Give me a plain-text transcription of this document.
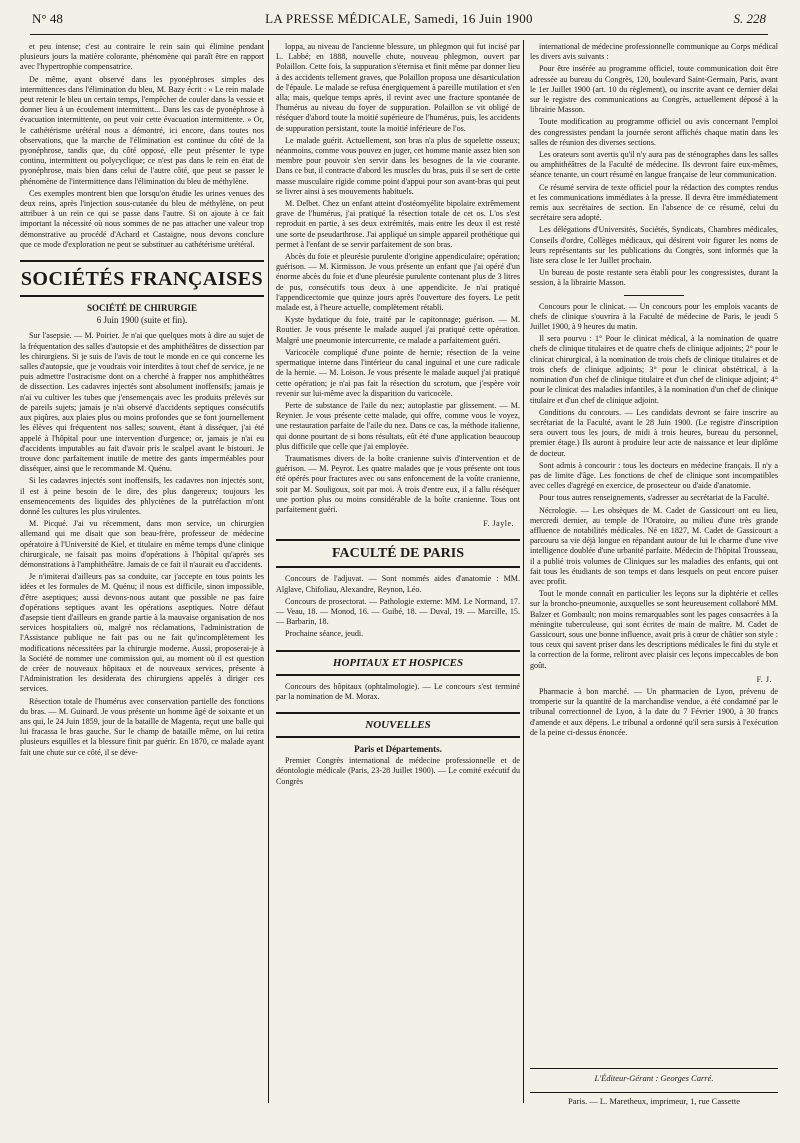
N° 48	LA PRESSE MÉDICALE, Samedi, 16 Juin 1900	S. 228

et peu intense; c'est au contraire le rein sain qui élimine pendant plusieurs jours la matière colorante, phénomène qui paraît être en rapport avec l'hypertrophie compensatrice.

De même, ayant observé dans les pyonéphroses simples des intermittences dans l'élimination du bleu, M. Bazy écrit : « Le rein malade peut retenir le bleu un certain temps, l'empêcher de couler dans la vessie et donner lieu à un écoulement intermittent... Dans les cas de pyonéphrose à évacuation intermittente, on peut voir cette évacuation intermittente. » Or, le cathétérisme urétéral nous a démontré, ici encore, dans toutes nos observations, que la marche de l'élimination est continue du côté de la pyonéphrose, tandis que, du côté opposé, elle peut présenter le type continu, intermittent ou polycyclique; ce n'est pas dans le rein en état de pyonéphrose, mais bien dans celui de l'autre côté, que peut se passer le phénomène de l'intermittence dans l'élimination du bleu de méthylène.

Ces exemples montrent bien que lorsqu'on étudie les urines venues des deux reins, après l'injection sous-cutanée du bleu de méthylène, on peut attribuer à un rein ce qui se passe dans l'autre. Si on ajoute à ce fait important la nécessité où nous sommes de ne pas attacher une valeur trop démonstrative au procédé d'Achard et Castaigne, nous devons conclure que ce mode d'exploration ne peut se substituer au cathétérisme urétéral.

SOCIÉTÉS FRANÇAISES
SOCIÉTÉ DE CHIRURGIE
6 Juin 1900 (suite et fin).

Sur l'asepsie. — M. Poirier. Je n'ai que quelques mots à dire au sujet de la fréquentation des salles d'autopsie et des amphithéâtres de dissection par les chirurgiens. Si je suis de l'avis de tout le monde en ce qui concerne les salles d'autopsie, que je voudrais voir interdites à tout chef de service, je ne puis admettre l'ostracisme dont on a cherché à frapper nos amphithéâtres de dissection. Les cadavres injectés sont absolument inoffensifs; jamais je n'ai vu cultiver les tubes que j'ensemençais avec les produits prélevés sur de pareils sujets; jamais je n'ai observé d'accidents septiques consécutifs aux piqûres, aux plaies plus ou moins profondes que se font journellement les élèves qui fréquentent nos salles; souvent, étant à disséquer, j'ai été appelé à l'hôpital pour une intervention d'urgence; or, jamais je n'ai eu d'accidents imputables au fait d'avoir pris le scalpel avant le bistouri. Je trouve donc parfaitement inutile de mettre des gants imperméables pour disséquer, ainsi que le recommande M. Quénu.

Si les cadavres injectés sont inoffensifs, les cadavres non injectés sont, il est à peine besoin de le dire, des plus dangereux; toujours les ensemencements des liquides des phlyctènes de la putréfaction m'ont donné les cultures les plus virulentes.

M. Picqué. J'ai vu récemment, dans mon service, un chirurgien allemand qui me disait que son beau-frère, professeur de médecine opératoire à l'Université de Kiel, et titulaire en même temps d'une clinique chirurgicale, ne faisait pas moins d'opérations à l'hôpital qu'après ses démonstrations à l'amphithéâtre. Jamais de ce fait il n'aurait eu d'accidents.

Je n'imiterai d'ailleurs pas sa conduite, car j'accepte en tous points les idées et les formules de M. Quénu; il nous est difficile, sinon impossible, d'être aseptiques; aussi devons-nous autant que possible ne pas faire d'opérations septiques avant les opérations aseptiques. Notre défaut d'asepsie tient d'ailleurs en grande partie à la mauvaise organisation de nos services hospitaliers où, malgré nos réclamations, l'administration de l'Assistance publique ne fait pas ou ne fait qu'incomplètement les modifications nécessitées par la chirurgie moderne. Aussi, proposerai-je à la Société de nommer une commission qui, au moment où il est question de créer de nouveaux hôpitaux et de nouveaux services, présente à l'Administration les desiderata des chirurgiens appelés à diriger ces services.

Résection totale de l'humérus avec conservation partielle des fonctions du bras. — M. Guinard. Je vous présente un homme âgé de soixante et un ans qui, le 24 Juin 1859, jour de la bataille de Magenta, reçut une balle qui lui fracassa le bras gauche. Sur le champ de bataille même, on lui retira plusieurs esquilles et la blessure finit par guérir. En 1870, ce malade ayant fait une chute sur ce côté, il se déve-

loppa, au niveau de l'ancienne blessure, un phlegmon qui fut incisé par L. Labbé; en 1888, nouvelle chute, nouveau phlegmon, ouvert par Polaillon. Cette fois, la suppuration s'éternisa et finit même par donner lieu à des accidents tellement graves, que Polaillon proposa une désarticulation de l'épaule. Le malade se refusa énergiquement à pareille mutilation et s'en alla; mais, quelque temps après, il revint avec une fracture spontanée de l'humérus au niveau du foyer de suppuration. Polaillon se vit obligé de réséquer d'abord toute la moitié supérieure de l'humérus, puis, les accidents de suppuration persistant, toute la moitié inférieure de l'os.

Le malade guérit. Actuellement, son bras n'a plus de squelette osseux; néanmoins, comme vous pouvez en juger, cet homme manie assez bien son membre pour pouvoir s'en servir dans les besognes de la vie courante. Dans ce but, il contracte d'abord les muscles du bras, puis il se sert de cette masse musculaire rigide comme point d'appui pour son avant-bras qui peut se livrer ainsi à ses mouvements habituels.

M. Delbet. Chez un enfant atteint d'ostéomyélite bipolaire extrêmement grave de l'humérus, j'ai pratiqué la résection totale de cet os. L'os s'est reproduit en partie, à ses deux extrémités, mais entre les deux il est resté une sorte de pseudarthrose. J'ai appliqué un simple appareil prothétique qui permet à l'enfant de se servir parfaitement de son bras.

Abcès du foie et pleurésie purulente d'origine appendiculaire; opération; guérison. — M. Kirmisson. Je vous présente un enfant que j'ai opéré d'un énorme abcès du foie et d'une pleurésie purulente contenant plus de 3 litres de pus, consécutifs tous deux à une appendicite. Je n'ai pratiqué l'appendicectomie que quinze jours après l'ouverture des foyers. Le petit malade est, à l'heure actuelle, complètement rétabli.

Kyste hydatique du foie, traité par le capitonnage; guérison. — M. Routier. Je vous présente le malade auquel j'ai pratiqué cette opération. Malgré une pneumonie intercurrente, ce malade a parfaitement guéri.

Varicocèle compliqué d'une pointe de hernie; résection de la veine spermatique interne dans l'intérieur du canal inguinal et une cure radicale de la hernie. — M. Loison. Je vous présente le malade auquel j'ai pratiqué cette opération; je n'ai pas fait la résection du scrotum, que j'espère voir revenir sur lui-même avec la disparition du varicocèle.

Perte de substance de l'aile du nez; autoplastie par glissement. — M. Reynier. Je vous présente cette malade, qui offre, comme vous le voyez, une restauration parfaite de l'aile du nez. Dans ce cas, la méthode italienne, qui donne pourtant de si bons résultats, eût été d'une application beaucoup plus difficile que celle que j'ai employée.

Traumatismes divers de la boîte cranienne suivis d'intervention et de guérison. — M. Peyrot. Les quatre malades que je vous présente ont tous été opérés pour fractures avec ou sans enfoncement de la voûte cranienne, soit par M. Souligoux, soit par moi. À trois d'entre eux, il a fallu réséquer une portion plus ou moins considérable de la boîte cranienne. Tous ont parfaitement guéri.

F. Jayle.
FACULTÉ DE PARIS

Concours de l'adjuvat. — Sont nommés aides d'anatomie : MM. Alglave, Chifoliau, Alexandre, Reynon, Léo.

Concours de prosectorat. — Pathologie externe: MM. Le Normand, 17. — Veau, 18. — Monod, 16. — Guibé, 18. — Duval, 19. — Marcille, 15. — Barbarin, 18.

Prochaine séance, jeudi.

HOPITAUX ET HOSPICES

Concours des hôpitaux (ophtalmologie). — Le concours s'est terminé par la nomination de M. Morax.

NOUVELLES
Paris et Départements.

Premier Congrès international de médecine professionnelle et de déontologie médicale (Paris, 23-28 Juillet 1900). — Le comité exécutif du Congrès

international de médecine professionnelle communique au Corps médical les divers avis suivants :

Pour être insérée au programme officiel, toute communication doit être adressée au bureau du Congrès, 120, boulevard Saint-Germain, Paris, avant le 1er Juillet 1900 (art. 10 du règlement), ou inscrite avant ce dernier délai sur le registre des communications au Congrès, actuellement déposé à la librairie Masson.

Toute modification au programme officiel ou avis concernant l'emploi des congressistes pendant la journée seront affichés chaque matin dans les salles de réunion des diverses sections.

Les orateurs sont avertis qu'il n'y aura pas de sténographes dans les salles ou amphithéâtres de la Faculté de médecine. Ils devront faire eux-mêmes, séance tenante, un court résumé en langue française de leur communication.

Ce résumé servira de texte officiel pour la rédaction des comptes rendus et les communications immédiates à la presse. Il devra être immédiatement remis aux secrétaires de section. En l'absence de ce résumé, celui du secrétaire sera adopté.

Les délégations d'Universités, Sociétés, Syndicats, Chambres médicales, Conseils d'ordre, Collèges médicaux, qui désirent voir figurer les noms de leurs représentants sur les publications du Congrès, sont informés que la liste sera close le 1er Juillet prochain.

Un bureau de poste restante sera établi pour les congressistes, durant la session, à la librairie Masson.

Concours pour le clinicat. — Un concours pour les emplois vacants de chefs de clinique s'ouvrira à la Faculté de médecine de Paris, le jeudi 5 Juillet 1900, à 9 heures du matin.

Il sera pourvu : 1° Pour le clinicat médical, à la nomination de quatre chefs de clinique titulaires et de quatre chefs de clinique adjoints; 2° pour le clinicat chirurgical, à la nomination de trois chefs de clinique titulaires et de trois chefs de clinique adjoints; 3° pour le clinicat obstétrical, à la nomination d'un chef de clinique titulaire et d'un chef de clinique adjoint; 4° pour le clinicat des maladies infantiles, à la nomination d'un chef de clinique titulaire et d'un chef de clinique adjoint.

Conditions du concours. — Les candidats devront se faire inscrire au secrétariat de la Faculté, avant le 28 Juin 1900. (Le registre d'inscription sera ouvert tous les jours, de midi à trois heures, bureau du personnel, premier étage.) Ils auront à produire leur acte de naissance et leur diplôme de docteur.

Sont admis à concourir : tous les docteurs en médecine français. Il n'y a pas de limite d'âge. Les fonctions de chef de clinique sont incompatibles avec celles d'agrégé en exercice, de prosecteur ou d'aide d'anatomie.

Pour tous autres renseignements, s'adresser au secrétariat de la Faculté.

Nécrologie. — Les obsèques de M. Cadet de Gassicourt ont eu lieu, mercredi dernier, au temple de l'Oratoire, au milieu d'une très grande affluence de notabilités médicales. Né en 1827, M. Cadet de Gassicourt a parcouru sa vie déjà longue en répandant autour de lui le charme d'une vive intelligence doublée d'une urbanité parfaite. Médecin de l'hôpital Trousseau, il a publié trois volumes de Cliniques sur les maladies des enfants, qui ont fait tous les étudiants de son temps et dans lesquels on peut encore puiser avec profit.

Tout le monde connaît en particulier les leçons sur la diphtérie et celles sur la broncho-pneumonie, auxquelles se sont heureusement collaboré MM. Balzer et Gombault; non moins remarquables sont les pages consacrées à la méningite tuberculeuse, qui sont écrites de main de maître. M. Cadet de Gassicourt, sous une bonne influence, avait pris à cœur de châtier son style : tous ceux qui savent priser dans les descriptions médicales le fini du style et la correction de la forme, reliront avec plaisir ces leçons impeccables de bon goût.

F. J.

Pharmacie à bon marché. — Un pharmacien de Lyon, prévenu de tromperie sur la quantité de la marchandise vendue, a été condamné par le tribunal correctionnel de Lyon, à la date du 7 Février 1900, à 30 francs d'amende et aux dépens. Le tribunal a ordonné qu'il sera sursis à l'exécution de la peine ci-dessus énoncée.

L'Éditeur-Gérant : Georges Carré.
Paris. — L. Maretheux, imprimeur, 1, rue Cassette
